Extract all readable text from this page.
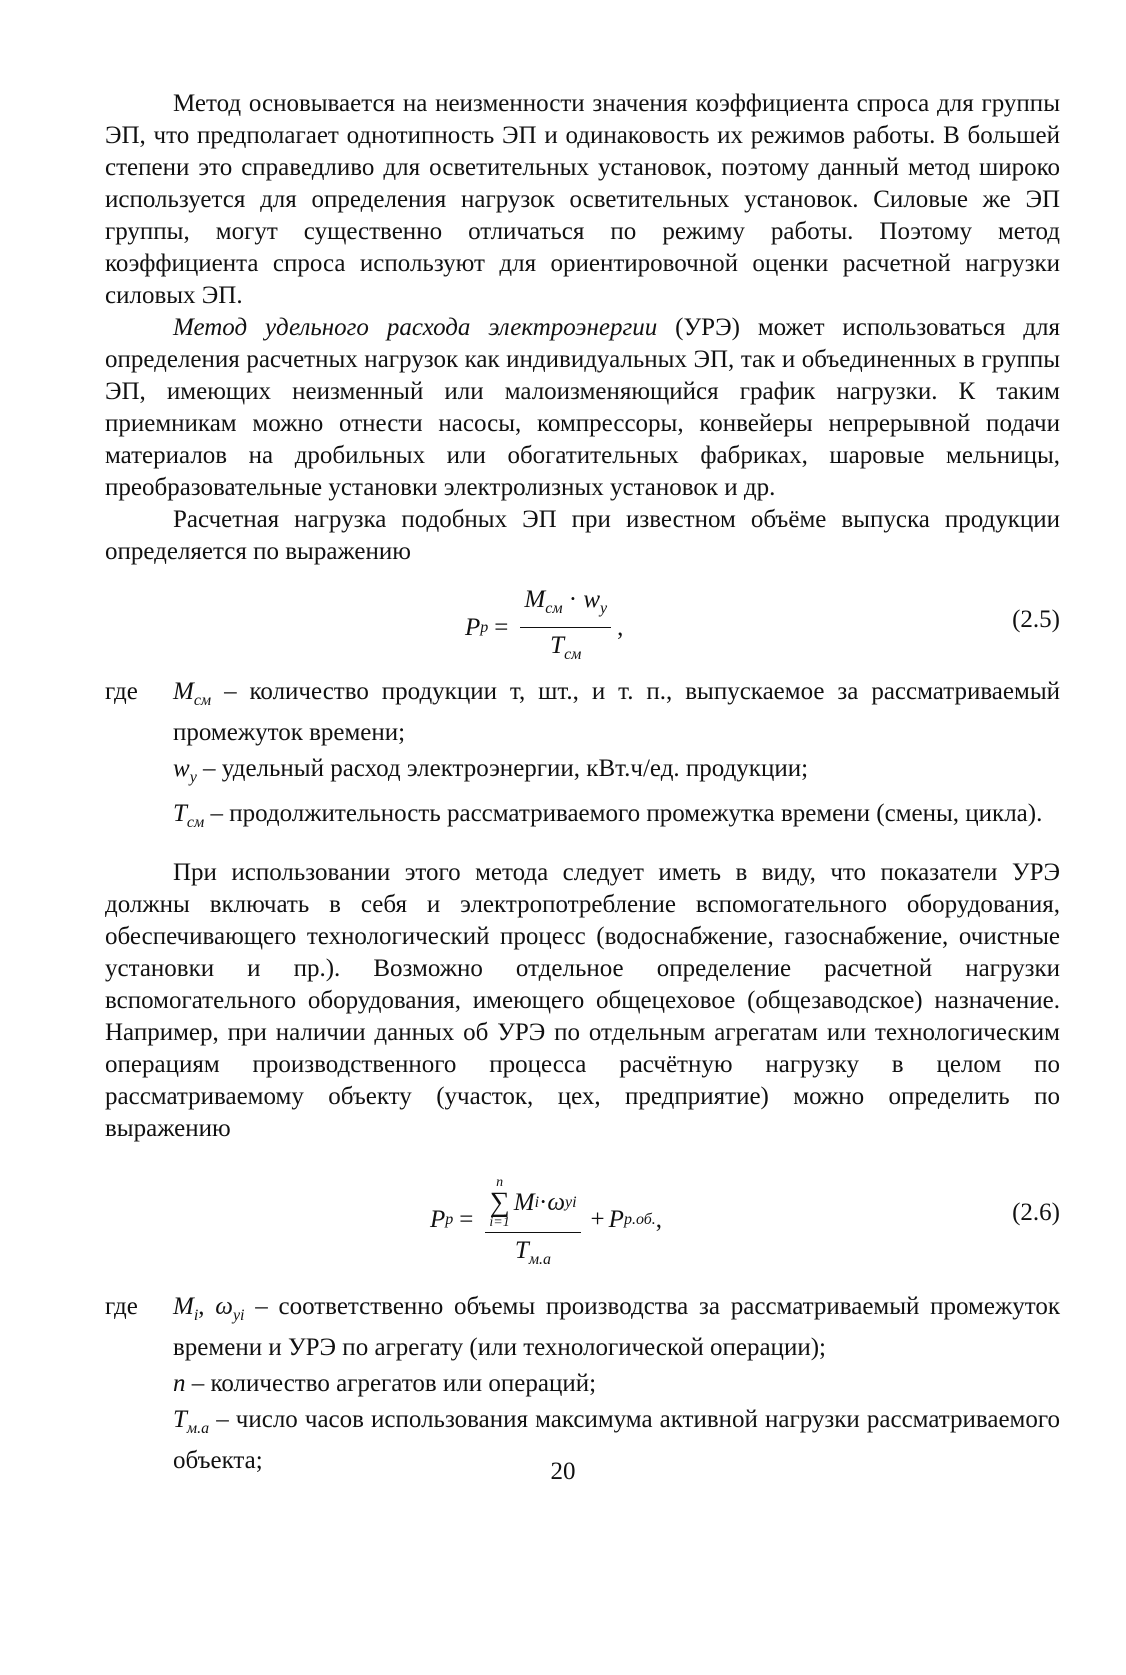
Метод основывается на неизменности значения коэффициента спроса для группы ЭП, что предполагает однотипность ЭП и одинаковость их режимов работы. В большей степени это справедливо для осветительных установок, поэтому данный метод широко используется для определения нагрузок осветительных установок. Силовые же ЭП группы, могут существенно отличаться по режиму работы. Поэтому метод коэффициента спроса используют для ориентировочной оценки расчетной нагрузки силовых ЭП.

Метод удельного расхода электроэнергии (УРЭ) может использоваться для определения расчетных нагрузок как индивидуальных ЭП, так и объединенных в группы ЭП, имеющих неизменный или малоизменяющийся график нагрузки. К таким приемникам можно отнести насосы, компрессоры, конвейеры непрерывной подачи материалов на дробильных или обогатительных фабриках, шаровые мельницы, преобразовательные установки электролизных установок и др.

Расчетная нагрузка подобных ЭП при известном объёме выпуска продукции определяется по выражению

P $p = \frac{M_{см} \cdot w_y}{T_{см}}$ ,	(2.5)
где $M_{см}$ – количество продукции т, шт., и т. п., выпускаемое за рассматриваемый промежуток времени;

$w_y$ – удельный расход электроэнергии, кВт.ч/ед. продукции;

$T_{см}$ – продолжительность рассматриваемого промежутка времени (смены, цикла).

При использовании этого метода следует иметь в виду, что показатели УРЭ должны включать в себя и электропотребление вспомогательного оборудования, обеспечивающего технологический процесс (водоснабжение, газоснабжение, очистные установки и пр.). Возможно отдельное определение расчетной нагрузки вспомогательного оборудования, имеющего общецеховое (общезаводское) назначение. Например, при наличии данных об УРЭ по отдельным агрегатам или технологическим операциям производственного процесса расчётную нагрузку в целом по рассматриваемому объекту (участок, цех, предприятие) можно определить по выражению

P p =
n
∑
i=1
M i · ω yi
$T_{м.а}$
+ P р.об. ,	(2.6)
где $M_i$, $\omega_{yi}$ – соответственно объемы производства за рассматриваемый промежуток времени и УРЭ по агрегату (или технологической операции);

n – количество агрегатов или операций;

$T_{м.а}$ – число часов использования максимума активной нагрузки рассматриваемого объекта;	20
